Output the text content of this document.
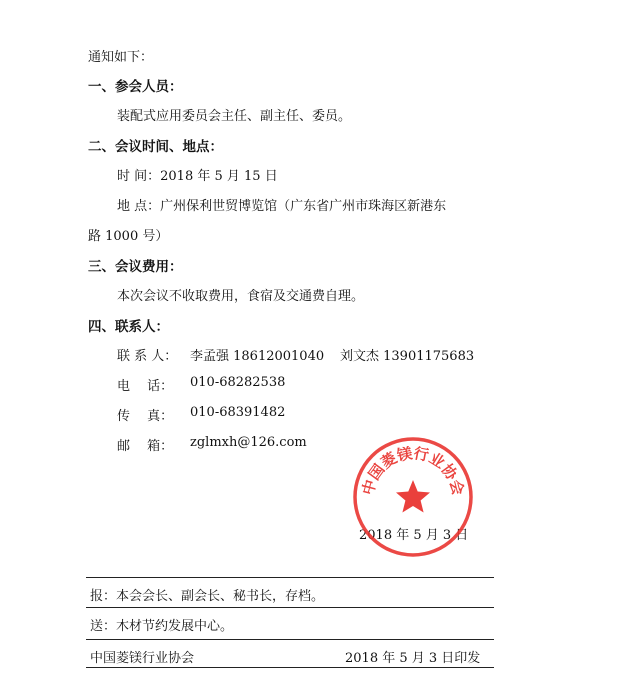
通知如下：
一、参会人员：
装配式应用委员会主任、副主任、委员。
二、会议时间、地点：
时 间：2018 年 5 月 15 日
地 点：广州保利世贸博览馆（广东省广州市珠海区新港东
路 1000 号）
三、会议费用：
本次会议不收取费用，食宿及交通费自理。
四、联系人：
联 系 人： 李孟强 18612001040 刘文杰 13901175683
电　 话： 010-68282538
传　 真： 010-68391482
邮　 箱： zglmxh@126.com
2018 年 5 月 3 日
中国菱镁行业协会
报：本会会长、副会长、秘书长，存档。
送：木材节约发展中心。
中国菱镁行业协会	2018 年 5 月 3 日印发
